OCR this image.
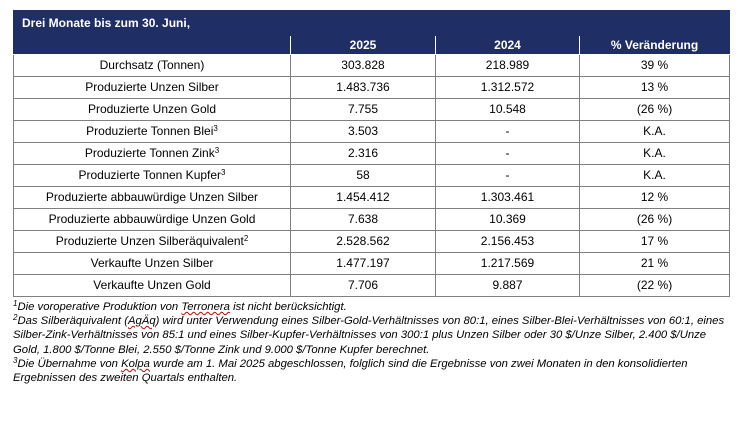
Drei Monate bis zum 30. Juni,			
	2025	2024	% Veränderung
Durchsatz (Tonnen)	303.828	218.989	39 %
Produzierte Unzen Silber	1.483.736	1.312.572	13 %
Produzierte Unzen Gold	7.755	10.548	(26 %)
Produzierte Tonnen Blei$^3$	3.503	-	K.A.
Produzierte Tonnen Zink$^3$	2.316	-	K.A.
Produzierte Tonnen Kupfer$^3$	58	-	K.A.
Produzierte abbauwürdige Unzen Silber	1.454.412	1.303.461	12 %
Produzierte abbauwürdige Unzen Gold	7.638	10.369	(26 %)
Produzierte Unzen Silberäquivalent$^2$	2.528.562	2.156.453	17 %
Verkaufte Unzen Silber	1.477.197	1.217.569	21 %
Verkaufte Unzen Gold	7.706	9.887	(22 %)

$^1$Die voroperative Produktion von Terronera ist nicht berücksichtigt.

$^2$Das Silberäquivalent (AgÄq) wird unter Verwendung eines Silber-Gold-Verhältnisses von 80:1, eines Silber-Blei-Verhältnisses von 60:1, eines Silber-Zink-Verhältnisses von 85:1 und eines Silber-Kupfer-Verhältnisses von 300:1 plus Unzen Silber oder 30 $/Unze Silber, 2.400 $/Unze Gold, 1.800 $/Tonne Blei, 2.550 $/Tonne Zink und 9.000 $/Tonne Kupfer berechnet.

$^3$Die Übernahme von Kolpa wurde am 1. Mai 2025 abgeschlossen, folglich sind die Ergebnisse von zwei Monaten in den konsolidierten Ergebnissen des zweiten Quartals enthalten.
